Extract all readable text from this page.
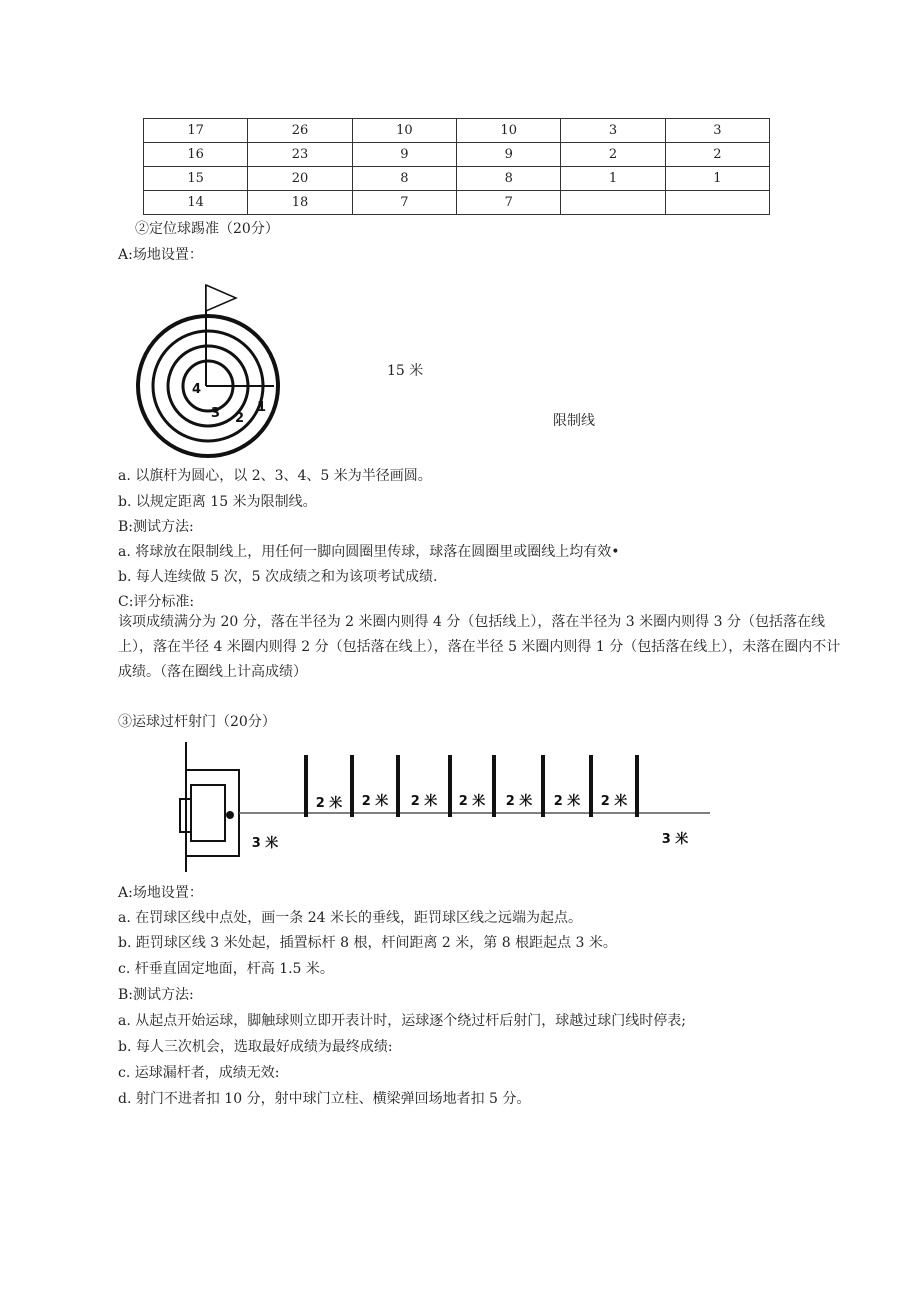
17	26	10	10	3	3
16	23	9	9	2	2
15	20	8	8	1	1
14	18	7	7		
②定位球踢准（20分）
A:场地设置：
4
3 2
1
15 米
限制线
a. 以旗杆为圆心，以 2、3、4、5 米为半径画圆。
b. 以规定距离 15 米为限制线。
B:测试方法:
a. 将球放在限制线上，用任何一脚向圆圈里传球，球落在圆圈里或圈线上均有效•
b. 每人连续做 5 次，5 次成绩之和为该项考试成绩.
C:评分标准:
该项成绩满分为 20 分，落在半径为 2 米圈内则得 4 分（包括线上），落在半径为 3 米圈内则得 3 分（包括落在线上），落在半径 4 米圈内则得 2 分（包括落在线上），落在半径 5 米圈内则得 1 分（包括落在线上），未落在圈内不计成绩。（落在圈线上计高成绩）
③运球过杆射门（20分）
2 米 2 米 2 米 2 米 2 米 2 米 2 米
3 米	3 米
A:场地设置：
a. 在罚球区线中点处，画一条 24 米长的垂线，距罚球区线之远端为起点。
b. 距罚球区线 3 米处起，插置标杆 8 根，杆间距离 2 米，第 8 根距起点 3 米。
c. 杆垂直固定地面，杆高 1.5 米。
B:测试方法:
a. 从起点开始运球，脚触球则立即开表计时，运球逐个绕过杆后射门，球越过球门线时停表;
b. 每人三次机会，选取最好成绩为最终成绩:
c. 运球漏杆者，成绩无效:
d. 射门不进者扣 10 分，射中球门立柱、横梁弹回场地者扣 5 分。
